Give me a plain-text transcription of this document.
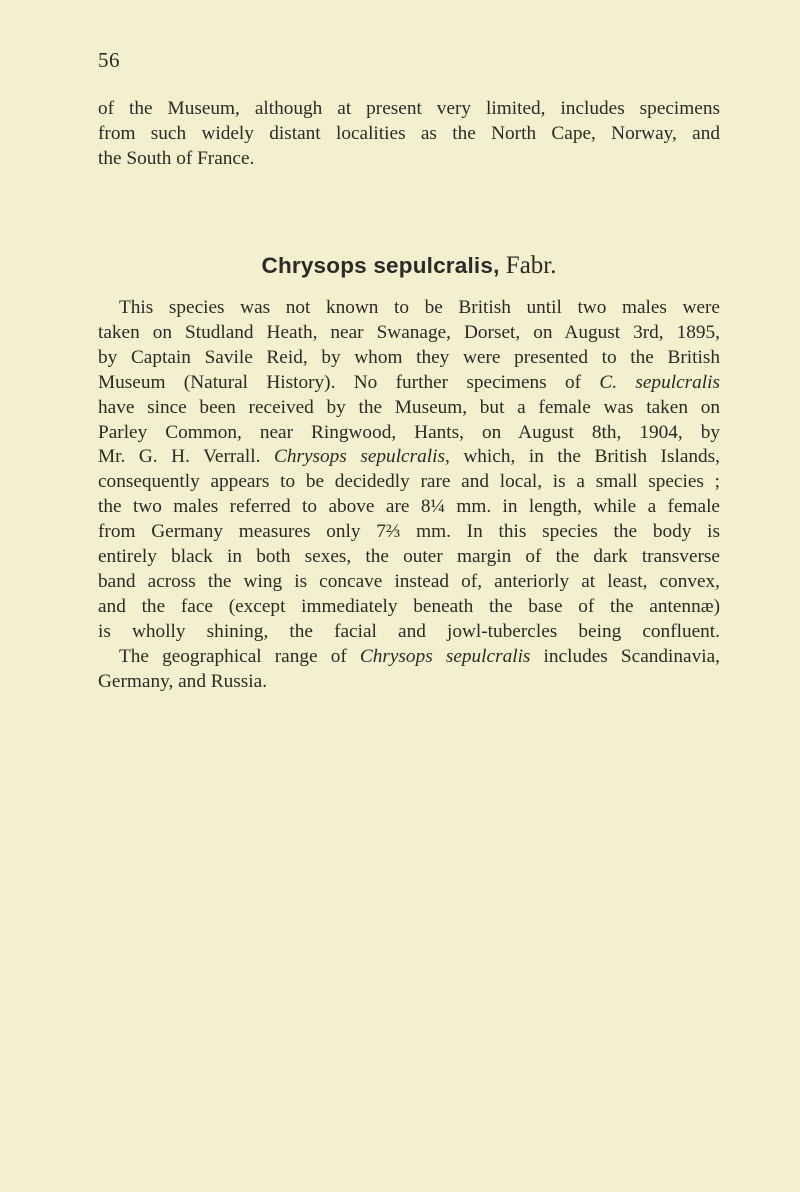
56
of the Museum, although at present very limited, includes specimens
from such widely distant localities as the North Cape, Norway, and
the South of France.
Chrysops sepulcralis, Fabr.
This species was not known to be British until two males were
taken on Studland Heath, near Swanage, Dorset, on August 3rd, 1895,
by Captain Savile Reid, by whom they were presented to the British
Museum (Natural History). No further specimens of C. sepulcralis
have since been received by the Museum, but a female was taken on
Parley Common, near Ringwood, Hants, on August 8th, 1904, by
Mr. G. H. Verrall. Chrysops sepulcralis, which, in the British Islands,
consequently appears to be decidedly rare and local, is a small species ;
the two males referred to above are 8¼ mm. in length, while a female
from Germany measures only 7⅔ mm. In this species the body is
entirely black in both sexes, the outer margin of the dark transverse
band across the wing is concave instead of, anteriorly at least, convex,
and the face (except immediately beneath the base of the antennæ)
is wholly shining, the facial and jowl-tubercles being confluent.
The geographical range of Chrysops sepulcralis includes Scandinavia,
Germany, and Russia.
